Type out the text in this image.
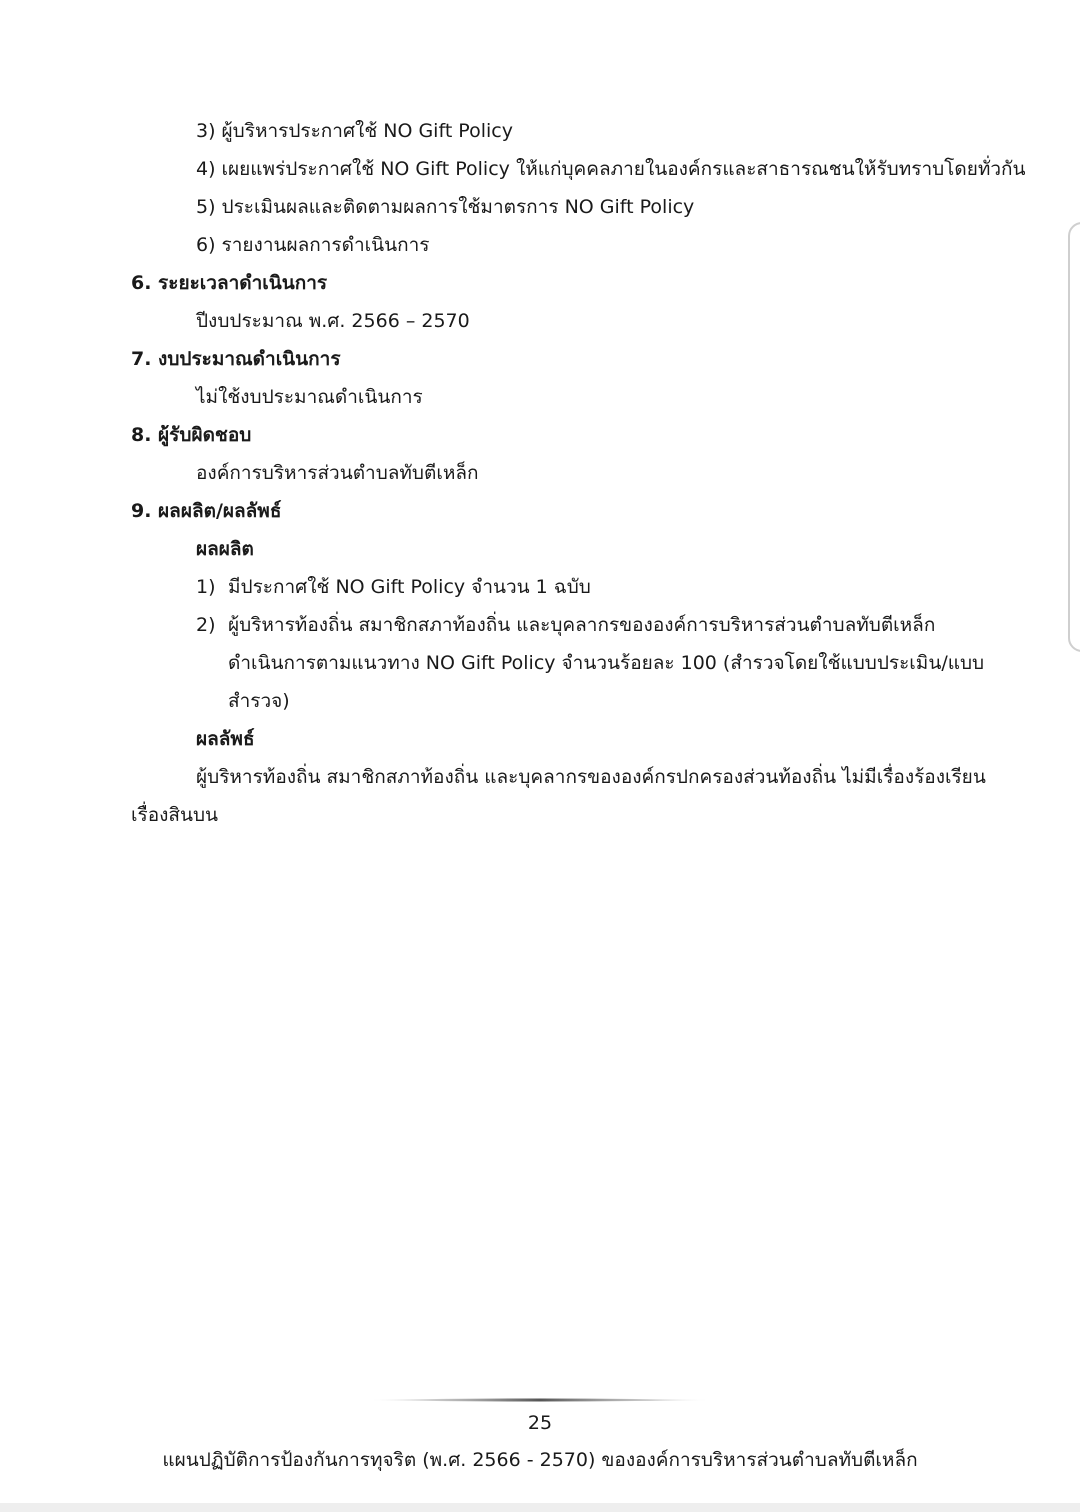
3) ผู้บริหารประกาศใช้ NO Gift Policy
4) เผยแพร่ประกาศใช้ NO Gift Policy ให้แก่บุคคลภายในองค์กรและสาธารณชนให้รับทราบโดยทั่วกัน
5) ประเมินผลและติดตามผลการใช้มาตรการ NO Gift Policy
6) รายงานผลการดำเนินการ
6. ระยะเวลาดำเนินการ
ปีงบประมาณ พ.ศ. 2566 – 2570
7. งบประมาณดำเนินการ
ไม่ใช้งบประมาณดำเนินการ
8. ผู้รับผิดชอบ
องค์การบริหารส่วนตำบลทับตีเหล็ก
9. ผลผลิต/ผลลัพธ์
ผลผลิต
1) มีประกาศใช้ NO Gift Policy จำนวน 1 ฉบับ
2) ผู้บริหารท้องถิ่น สมาชิกสภาท้องถิ่น และบุคลากรขององค์การบริหารส่วนตำบลทับตีเหล็ก
ดำเนินการตามแนวทาง NO Gift Policy จำนวนร้อยละ 100 (สำรวจโดยใช้แบบประเมิน/แบบ
สำรวจ)
ผลลัพธ์
ผู้บริหารท้องถิ่น สมาชิกสภาท้องถิ่น และบุคลากรขององค์กรปกครองส่วนท้องถิ่น ไม่มีเรื่องร้องเรียน
เรื่องสินบน
25
แผนปฏิบัติการป้องกันการทุจริต (พ.ศ. 2566 - 2570) ขององค์การบริหารส่วนตำบลทับตีเหล็ก
